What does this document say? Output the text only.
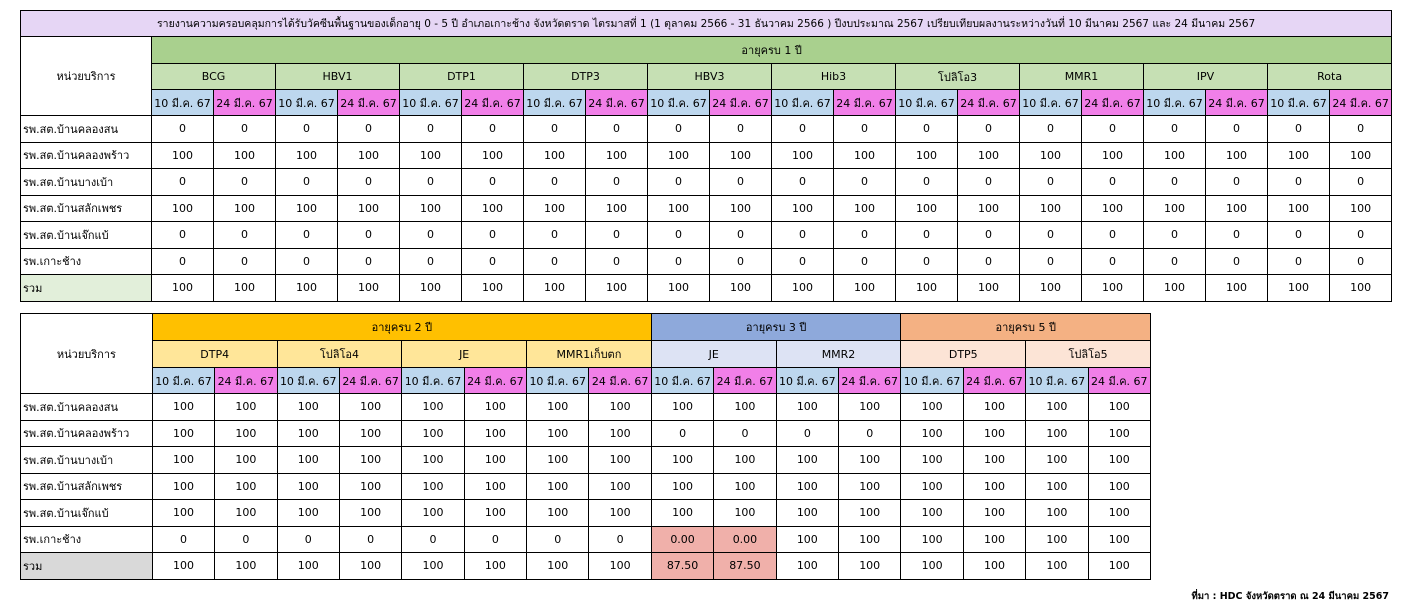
รายงานความครอบคลุมการได้รับวัคซีนพื้นฐานของเด็กอายุ 0 - 5 ปี อำเภอเกาะช้าง จังหวัดตราด ไตรมาสที่ 1 (1 ตุลาคม 2566 - 31 ธันวาคม 2566 ) ปีงบประมาณ 2567 เปรียบเทียบผลงานระหว่างวันที่ 10 มีนาคม 2567 และ 24 มีนาคม 2567																				
หน่วยบริการ	อายุครบ 1 ปี																			
	BCG		HBV1		DTP1		DTP3		HBV3		Hib3		โปลิโอ3		MMR1		IPV		Rota	
	10 มี.ค. 67	24 มี.ค. 67	10 มี.ค. 67	24 มี.ค. 67	10 มี.ค. 67	24 มี.ค. 67	10 มี.ค. 67	24 มี.ค. 67	10 มี.ค. 67	24 มี.ค. 67	10 มี.ค. 67	24 มี.ค. 67	10 มี.ค. 67	24 มี.ค. 67	10 มี.ค. 67	24 มี.ค. 67	10 มี.ค. 67	24 มี.ค. 67	10 มี.ค. 67	24 มี.ค. 67
รพ.สต.บ้านคลองสน	0	0	0	0	0	0	0	0	0	0	0	0	0	0	0	0	0	0	0	0
รพ.สต.บ้านคลองพร้าว	100	100	100	100	100	100	100	100	100	100	100	100	100	100	100	100	100	100	100	100
รพ.สต.บ้านบางเบ้า	0	0	0	0	0	0	0	0	0	0	0	0	0	0	0	0	0	0	0	0
รพ.สต.บ้านสลักเพชร	100	100	100	100	100	100	100	100	100	100	100	100	100	100	100	100	100	100	100	100
รพ.สต.บ้านเจ๊กแบ้	0	0	0	0	0	0	0	0	0	0	0	0	0	0	0	0	0	0	0	0
รพ.เกาะช้าง	0	0	0	0	0	0	0	0	0	0	0	0	0	0	0	0	0	0	0	0
รวม	100	100	100	100	100	100	100	100	100	100	100	100	100	100	100	100	100	100	100	100
หน่วยบริการ	อายุครบ 2 ปี								อายุครบ 3 ปี				อายุครบ 5 ปี			
	DTP4		โปลิโอ4		JE		MMR1เก็บตก		JE		MMR2		DTP5		โปลิโอ5	
	10 มี.ค. 67	24 มี.ค. 67	10 มี.ค. 67	24 มี.ค. 67	10 มี.ค. 67	24 มี.ค. 67	10 มี.ค. 67	24 มี.ค. 67	10 มี.ค. 67	24 มี.ค. 67	10 มี.ค. 67	24 มี.ค. 67	10 มี.ค. 67	24 มี.ค. 67	10 มี.ค. 67	24 มี.ค. 67
รพ.สต.บ้านคลองสน	100	100	100	100	100	100	100	100	100	100	100	100	100	100	100	100
รพ.สต.บ้านคลองพร้าว	100	100	100	100	100	100	100	100	0	0	0	0	100	100	100	100
รพ.สต.บ้านบางเบ้า	100	100	100	100	100	100	100	100	100	100	100	100	100	100	100	100
รพ.สต.บ้านสลักเพชร	100	100	100	100	100	100	100	100	100	100	100	100	100	100	100	100
รพ.สต.บ้านเจ๊กแบ้	100	100	100	100	100	100	100	100	100	100	100	100	100	100	100	100
รพ.เกาะช้าง	0	0	0	0	0	0	0	0	0.00	0.00	100	100	100	100	100	100
รวม	100	100	100	100	100	100	100	100	87.50	87.50	100	100	100	100	100	100
ที่มา : HDC จังหวัดตราด ณ 24 มีนาคม 2567
